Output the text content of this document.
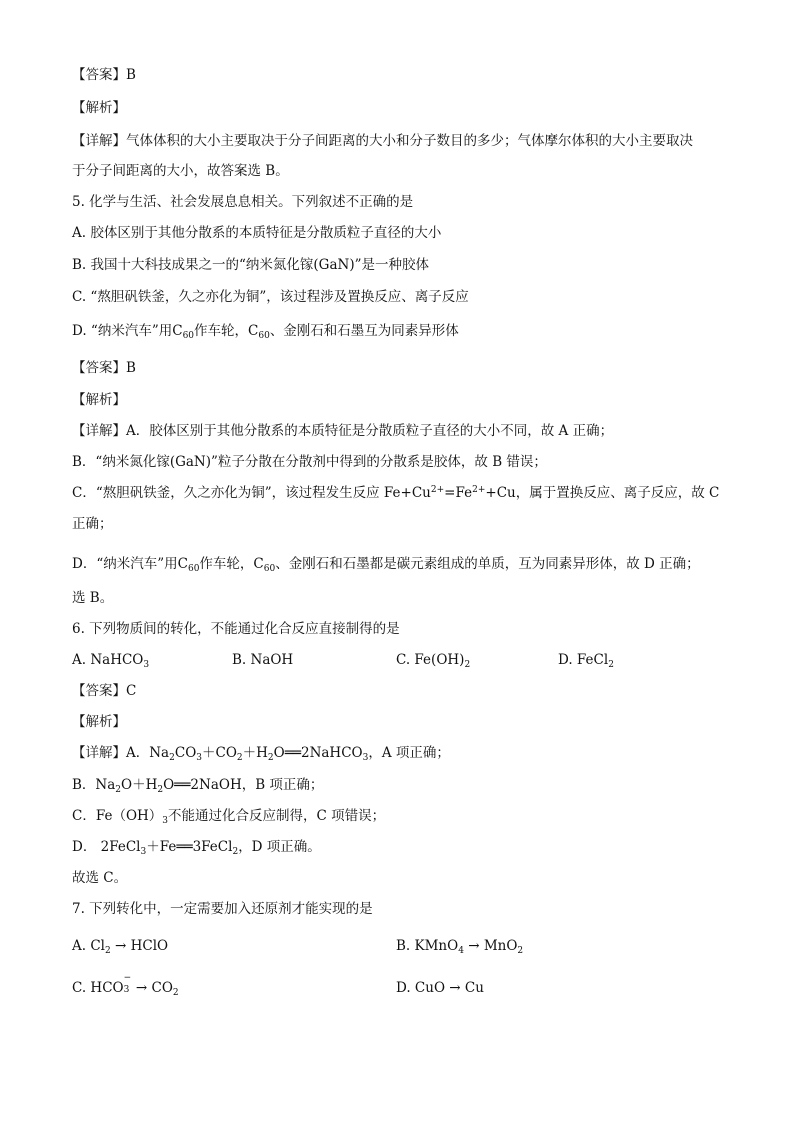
【答案】B
【解析】
【详解】气体体积的大小主要取决于分子间距离的大小和分子数目的多少；气体摩尔体积的大小主要取决
于分子间距离的大小，故答案选 B。
5. 化学与生活、社会发展息息相关。下列叙述不正确的是
A. 胶体区别于其他分散系的本质特征是分散质粒子直径的大小
B. 我国十大科技成果之一的“纳米氮化镓(GaN)”是一种胶体
C. “熬胆矾铁釜，久之亦化为铜”，该过程涉及置换反应、离子反应
D. “纳米汽车”用$C_{60}$作车轮，$C_{60}$、金刚石和石墨互为同素异形体
【答案】B
【解析】
【详解】A．胶体区别于其他分散系的本质特征是分散质粒子直径的大小不同，故 A 正确；
B．“纳米氮化镓(GaN)”粒子分散在分散剂中得到的分散系是胶体，故 B 错误；
C．“熬胆矾铁釜，久之亦化为铜”，该过程发生反应 $Fe+Cu^{2+}=Fe^{2+}+Cu$，属于置换反应、离子反应，故 C
正确；
D．“纳米汽车”用$C_{60}$作车轮，$C_{60}$、金刚石和石墨都是碳元素组成的单质，互为同素异形体，故 D 正确；
选 B。
6. 下列物质间的转化，不能通过化合反应直接制得的是
A. NaHCO$_3$	B. NaOH	C. $Fe(OH)_2$	D. FeCl$_2$
【答案】C
【解析】
【详解】A．$Na_2CO_3+CO_2+H_2O══2NaHCO_3$，A 项正确；
B．$Na_2O+H_2O══2NaOH$，B 项正确；
C．$Fe(OH)_3$不能通过化合反应制得，C 项错误；
D． 2FeCl$_3$＋Fe══3FeCl$_2$，D 项正确。
故选 C。
7. 下列转化中，一定需要加入还原剂才能实现的是
A. $Cl_2$ → HClO	B. KMnO$_4$ → MnO$_2$
C. HCO
−
$3 \to CO_2$	D. CuO → Cu
